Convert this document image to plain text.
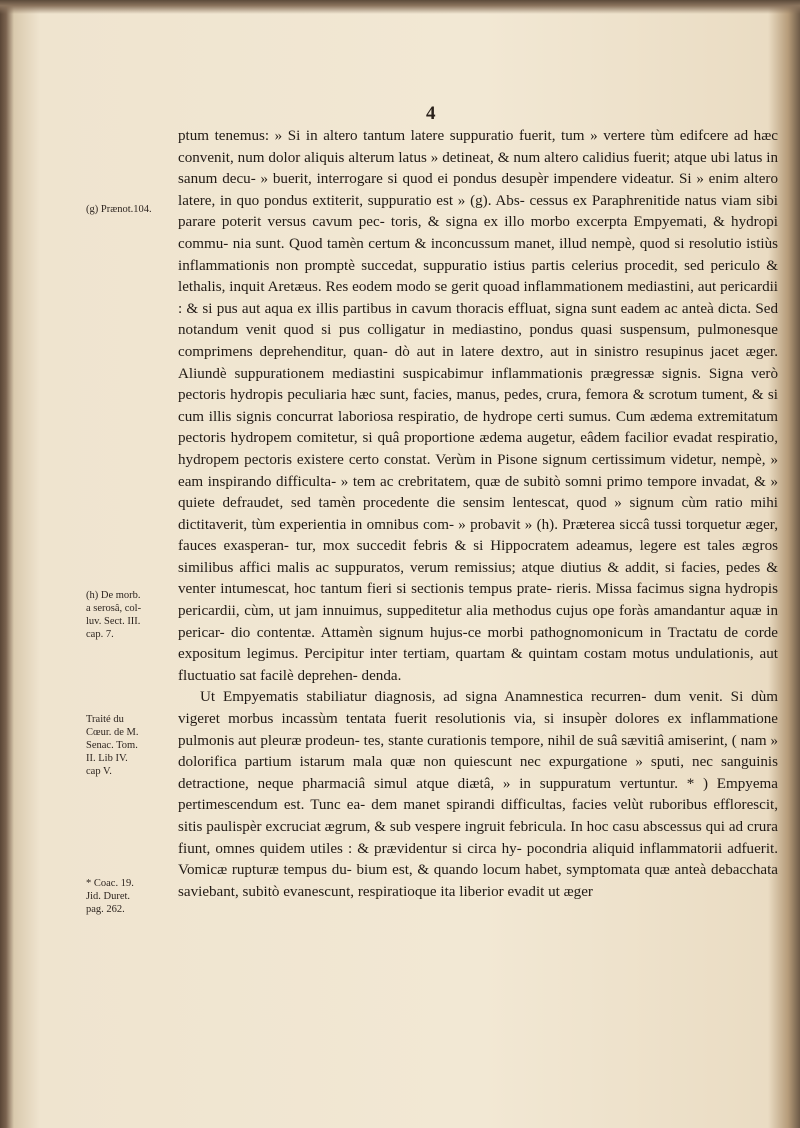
4
(g) Prænot.104.
(h) De morb.
a serosâ, col-
luv. Sect. III.
cap. 7.
Traité du
Cœur. de M.
Senac. Tom.
II. Lib IV.
cap V.
* Coac. 19.
Jid. Duret.
pag. 262.

ptum tenemus: » Si in altero tantum latere suppuratio fuerit, tum » vertere tùm edifcere ad hæc convenit, num dolor aliquis alterum latus » detineat, & num altero calidius fuerit; atque ubi latus in sanum decu- » buerit, interrogare si quod ei pondus desupèr impendere videatur. Si » enim altero latere, in quo pondus extiterit, suppuratio est » (g). Abs- cessus ex Paraphrenitide natus viam sibi parare poterit versus cavum pec- toris, & signa ex illo morbo excerpta Empyemati, & hydropi commu- nia sunt. Quod tamèn certum & inconcussum manet, illud nempè, quod si resolutio istiùs inflammationis non promptè succedat, suppuratio istius partis celerius procedit, sed periculo & lethalis, inquit Aretæus. Res eodem modo se gerit quoad inflammationem mediastini, aut pericardii : & si pus aut aqua ex illis partibus in cavum thoracis effluat, signa sunt eadem ac anteà dicta. Sed notandum venit quod si pus colligatur in mediastino, pondus quasi suspensum, pulmonesque comprimens deprehenditur, quan- dò aut in latere dextro, aut in sinistro resupinus jacet æger. Aliundè suppurationem mediastini suspicabimur inflammationis prægressæ signis. Signa verò pectoris hydropis peculiaria hæc sunt, facies, manus, pedes, crura, femora & scrotum tument, & si cum illis signis concurrat laboriosa respiratio, de hydrope certi sumus. Cum ædema extremitatum pectoris hydropem comitetur, si quâ proportione ædema augetur, eâdem facilior evadat respiratio, hydropem pectoris existere certo constat. Verùm in Pisone signum certissimum videtur, nempè, » eam inspirando difficulta- » tem ac crebritatem, quæ de subitò somni primo tempore invadat, & » quiete defraudet, sed tamèn procedente die sensim lentescat, quod » signum cùm ratio mihi dictitaverit, tùm experientia in omnibus com- » probavit » (h). Præterea siccâ tussi torquetur æger, fauces exasperan- tur, mox succedit febris & si Hippocratem adeamus, legere est tales ægros similibus affici malis ac suppuratos, verum remissius; atque diutius & addit, si facies, pedes & venter intumescat, hoc tantum fieri si sectionis tempus prate- rieris. Missa facimus signa hydropis pericardii, cùm, ut jam innuimus, suppeditetur alia methodus cujus ope foràs amandantur aquæ in pericar- dio contentæ. Attamèn signum hujus-ce morbi pathognomonicum in Tractatu de corde expositum legimus. Percipitur inter tertiam, quartam & quintam costam motus undulationis, aut fluctuatio sat facilè deprehen- denda.

Ut Empyematis stabiliatur diagnosis, ad signa Anamnestica recurren- dum venit. Si dùm vigeret morbus incassùm tentata fuerit resolutionis via, si insupèr dolores ex inflammatione pulmonis aut pleuræ prodeun- tes, stante curationis tempore, nihil de suâ sævitiâ amiserint, ( nam » dolorifica partium istarum mala quæ non quiescunt nec expurgatione » sputi, nec sanguinis detractione, neque pharmaciâ simul atque diætâ, » in suppuratum vertuntur. * ) Empyema pertimescendum est. Tunc ea- dem manet spirandi difficultas, facies velùt ruboribus efflorescit, sitis paulispèr excruciat ægrum, & sub vespere ingruit febricula. In hoc casu abscessus qui ad crura fiunt, omnes quidem utiles : & prævidentur si circa hy- pocondria aliquid inflammatorii adfuerit. Vomicæ rupturæ tempus du- bium est, & quando locum habet, symptomata quæ anteà debacchata saviebant, subitò evanescunt, respiratioque ita liberior evadit ut æger
